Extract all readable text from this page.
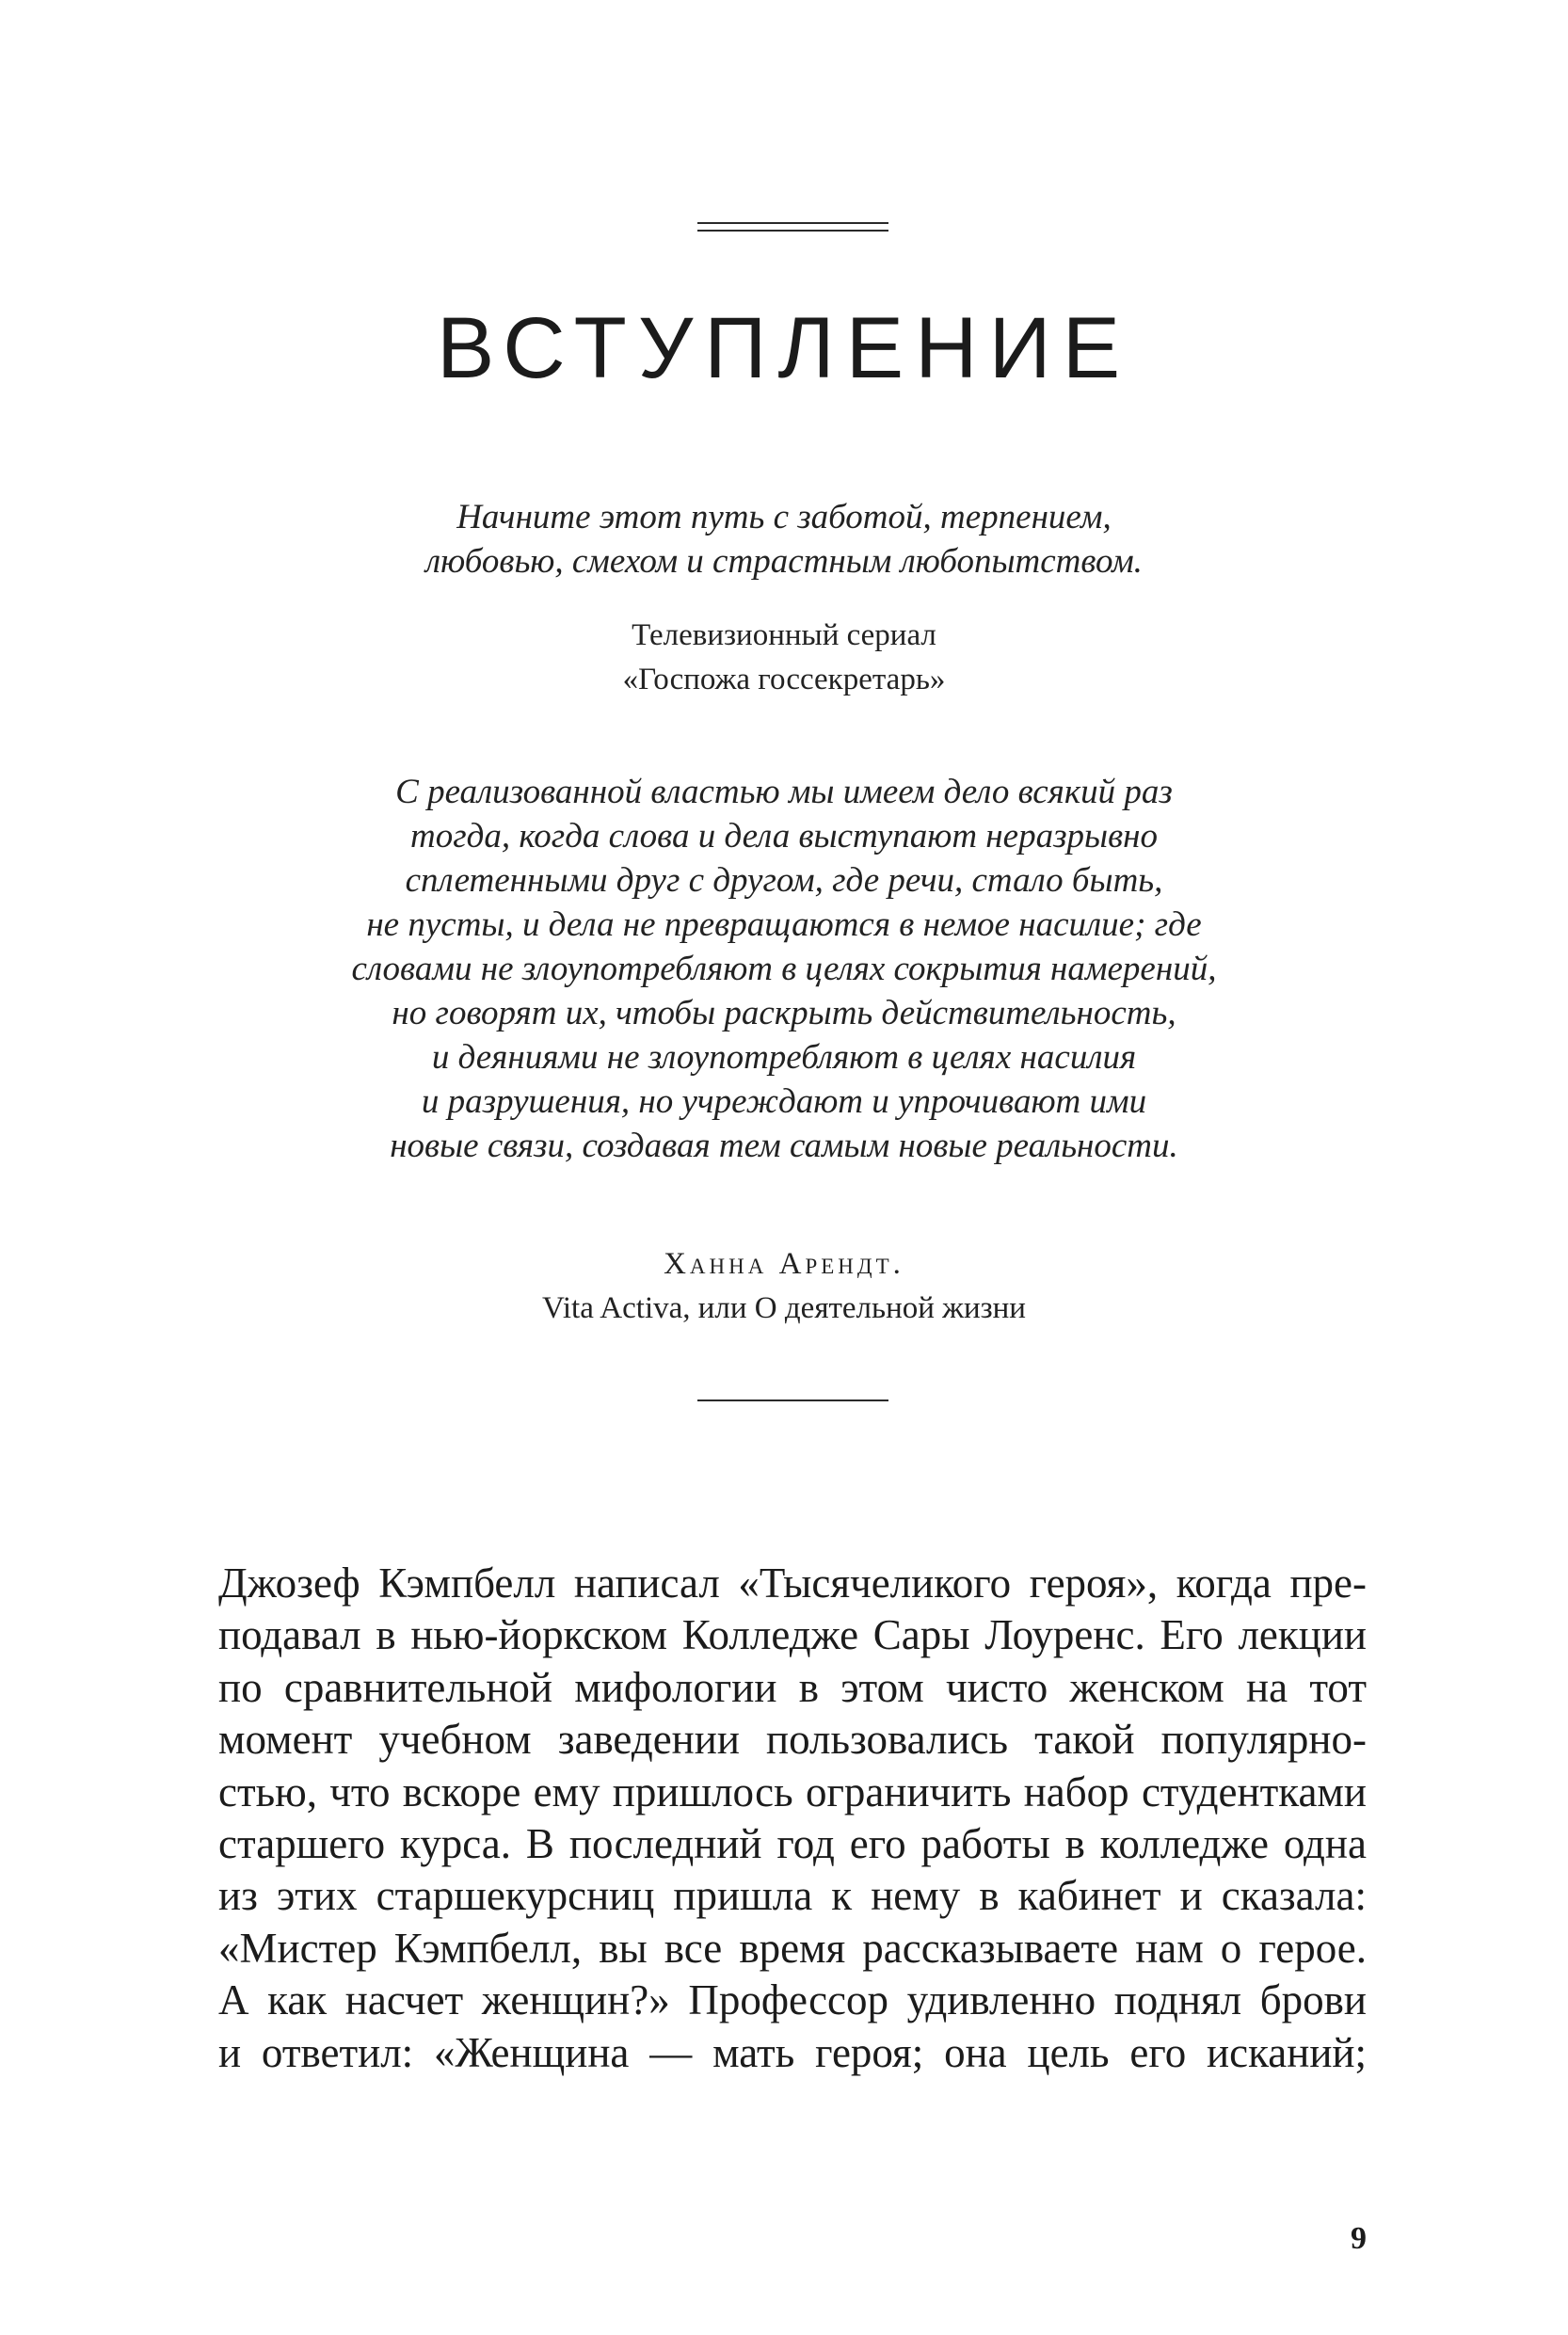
ВСТУПЛЕНИЕ
Начните этот путь с заботой, терпением,
любовью, смехом и страстным любопытством.
Телевизионный сериал
«Госпожа госсекретарь»
С реализованной властью мы имеем дело всякий раз
тогда, когда слова и дела выступают неразрывно
сплетенными друг с другом, где речи, стало быть,
не пусты, и дела не превращаются в немое насилие; где
словами не злоупотребляют в целях сокрытия намерений,
но говорят их, чтобы раскрыть действительность,
и деяниями не злоупотребляют в целях насилия
и разрушения, но учреждают и упрочивают ими
новые связи, создавая тем самым новые реальности.
Ханна Арендт.
Vita Activa, или О деятельной жизни
Джозеф Кэмпбелл написал «Тысячеликого героя», когда пре-
подавал в нью-йоркском Колледже Сары Лоуренс. Его лекции
по сравнительной мифологии в этом чисто женском на тот
момент учебном заведении пользовались такой популярно-
стью, что вскоре ему пришлось ограничить набор студентками
старшего курса. В последний год его работы в колледже одна
из этих старшекурсниц пришла к нему в кабинет и сказала:
«Мистер Кэмпбелл, вы все время рассказываете нам о герое.
А как насчет женщин?» Профессор удивленно поднял брови
и ответил: «Женщина — мать героя; она цель его исканий;
9
